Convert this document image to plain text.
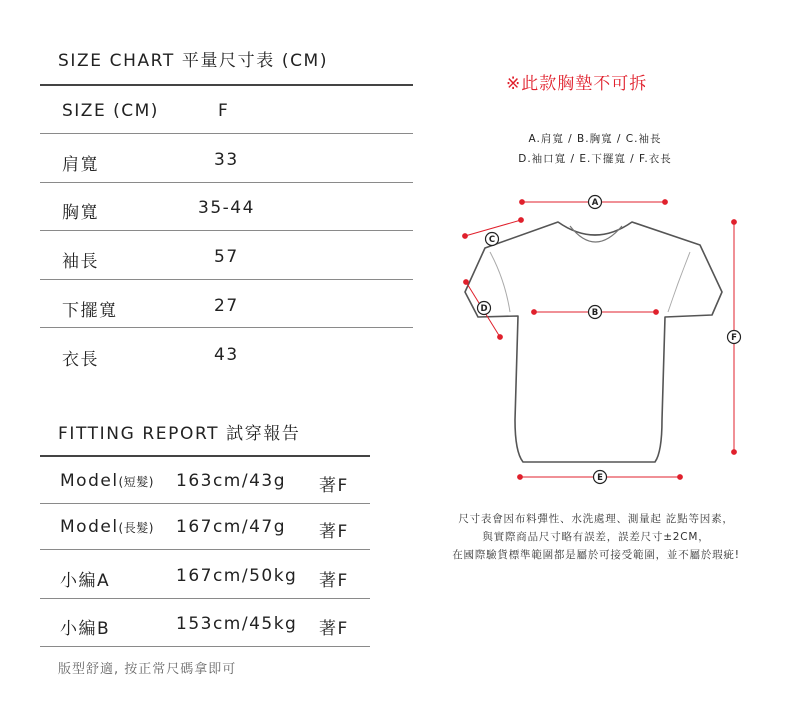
SIZE CHART 平量尺寸表 (CM)
SIZE (CM)	F
肩寬	33
胸寬	35-44
袖長	57
下擺寬	27
衣長	43
FITTING REPORT 試穿報告
Model(短髮) 163cm/43g 著F
Model(長髮) 167cm/47g 著F
小編A	167cm/50kg 著F
小編B	153cm/45kg 著F
版型舒適, 按正常尺碼拿即可
※此款胸墊不可拆
A.肩寬 / B.胸寬 / C.袖長
D.袖口寬 / E.下擺寬 / F.衣長
A
C
D	B
E
F
尺寸表會因布料彈性、水洗處理、測量起 訖點等因素，
與實際商品尺寸略有誤差，誤差尺寸±2CM，
在國際驗貨標準範圍都是屬於可接受範圍，並不屬於瑕疵!
